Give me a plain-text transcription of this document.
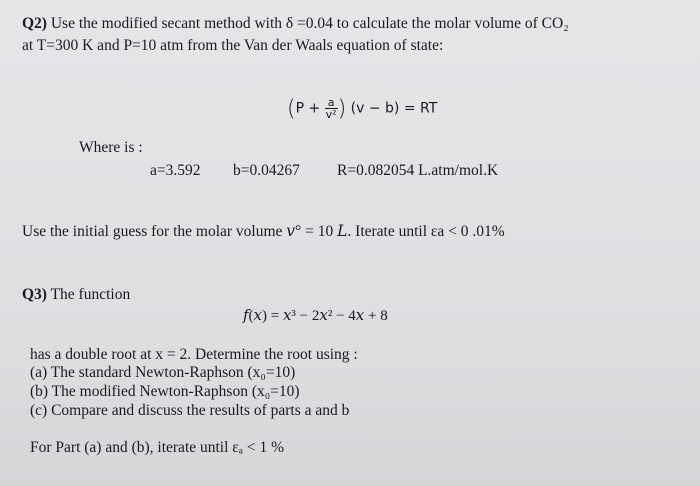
Q2) Use the modified secant method with δ =0.04 to calculate the molar volume of CO₂
at T=300 K and P=10 atm from the Van der Waals equation of state:
($P + \frac{a}{\text{v²}}$ ) (v − b) = RT
Where is :
a=3.592 b=0.04267 R=0.082054 L.atm/mol.K
Use the initial guess for the molar volume 𝑣° = 10 𝐿. Iterate until εa < 0 .01%
Q3) The function
𝑓(𝑥) = 𝑥³ − 2𝑥² − 4𝑥 + 8
has a double root at x = 2. Determine the root using :
(a) The standard Newton-Raphson (x₀=10)
(b) The modified Newton-Raphson (x₀=10)
(c) Compare and discuss the results of parts a and b
For Part (a) and (b), iterate until εₐ < 1 %
